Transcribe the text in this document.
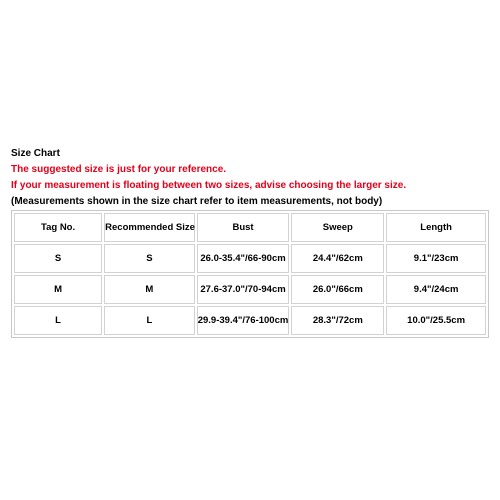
Size Chart
The suggested size is just for your reference.
If your measurement is floating between two sizes, advise choosing the larger size.
(Measurements shown in the size chart refer to item measurements, not body)
Tag No.	Recommended Size	Bust	Sweep	Length
S	S	26.0-35.4"/66-90cm	24.4"/62cm	9.1"/23cm
M	M	27.6-37.0"/70-94cm	26.0"/66cm	9.4"/24cm
L	L	29.9-39.4"/76-100cm	28.3"/72cm	10.0"/25.5cm
